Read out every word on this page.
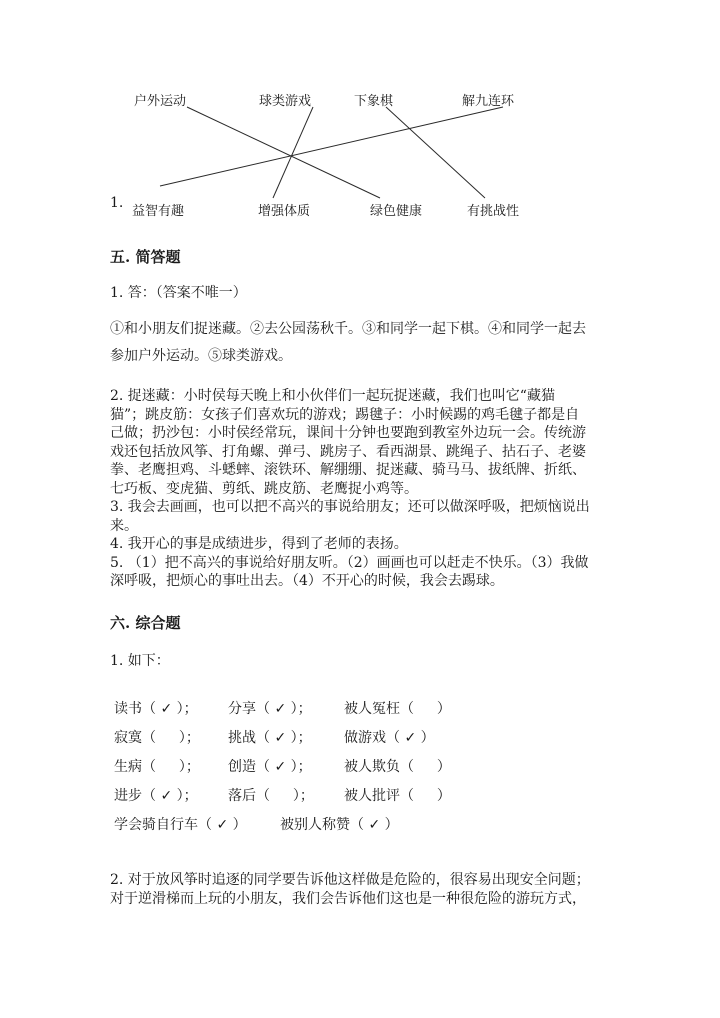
户外运动	球类游戏	下象棋	解九连环
1.
益智有趣	增强体质	绿色健康	有挑战性
五. 简答题
1. 答：（答案不唯一）
①和小朋友们捉迷藏。②去公园荡秋千。③和同学一起下棋。④和同学一起去
参加户外运动。⑤球类游戏。
2. 捉迷藏：小时侯每天晚上和小伙伴们一起玩捉迷藏，我们也叫它“藏猫
猫”；跳皮筋：女孩子们喜欢玩的游戏；踢毽子：小时候踢的鸡毛毽子都是自
己做；扔沙包：小时侯经常玩，课间十分钟也要跑到教室外边玩一会。传统游
戏还包括放风筝、打角螺、弹弓、跳房子、看西湖景、跳绳子、拈石子、老婆
拳、老鹰担鸡、斗蟋蟀、滚铁环、解绷绷、捉迷藏、骑马马、拔纸牌、折纸、
七巧板、变虎猫、剪纸、跳皮筋、老鹰捉小鸡等。
3. 我会去画画，也可以把不高兴的事说给朋友；还可以做深呼吸，把烦恼说出
来。
4. 我开心的事是成绩进步，得到了老师的表扬。
5. （1）把不高兴的事说给好朋友听。（2）画画也可以赶走不快乐。（3）我做
深呼吸，把烦心的事吐出去。（4）不开心的时候，我会去踢球。
六. 综合题
1. 如下：
读书（ ✓ ）； 分享（ ✓ ）； 被人冤枉（ 　 ）
寂寞（ 　 ）； 挑战（ ✓ ）； 做游戏（ ✓ ）
生病（ 　 ）； 创造（ ✓ ）； 被人欺负（ 　 ）
进步（ ✓ ）； 落后（ 　 ）； 被人批评（ 　 ）
学会骑自行车（ ✓ ） 被别人称赞（ ✓ ）
2. 对于放风筝时追逐的同学要告诉他这样做是危险的，很容易出现安全问题；
对于逆滑梯而上玩的小朋友，我们会告诉他们这也是一种很危险的游玩方式，
